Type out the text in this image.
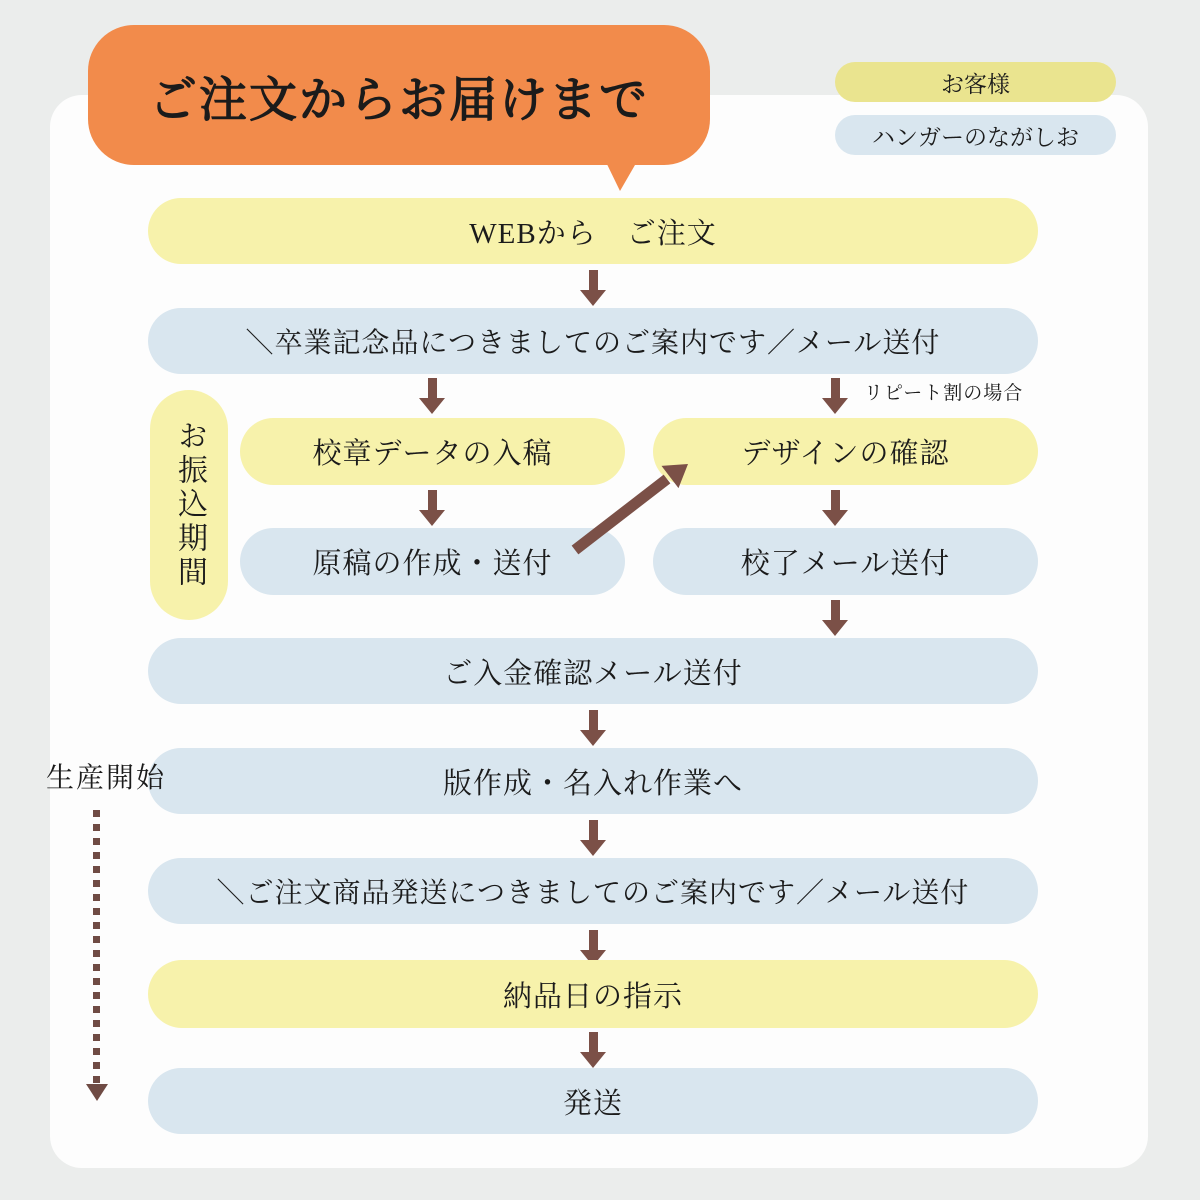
ご注文からお届けまで	お客様
ハンガーのながしお
WEBから　ご注文
＼卒業記念品につきましてのご案内です／メール送付
リピート割の場合
校章データの入稿	デザインの確認
原稿の作成・送付	校了メール送付
ご入金確認メール送付
版作成・名入れ作業へ
＼ご注文商品発送につきましてのご案内です／メール送付
納品日の指示
発送
お振込期間
生産開始
